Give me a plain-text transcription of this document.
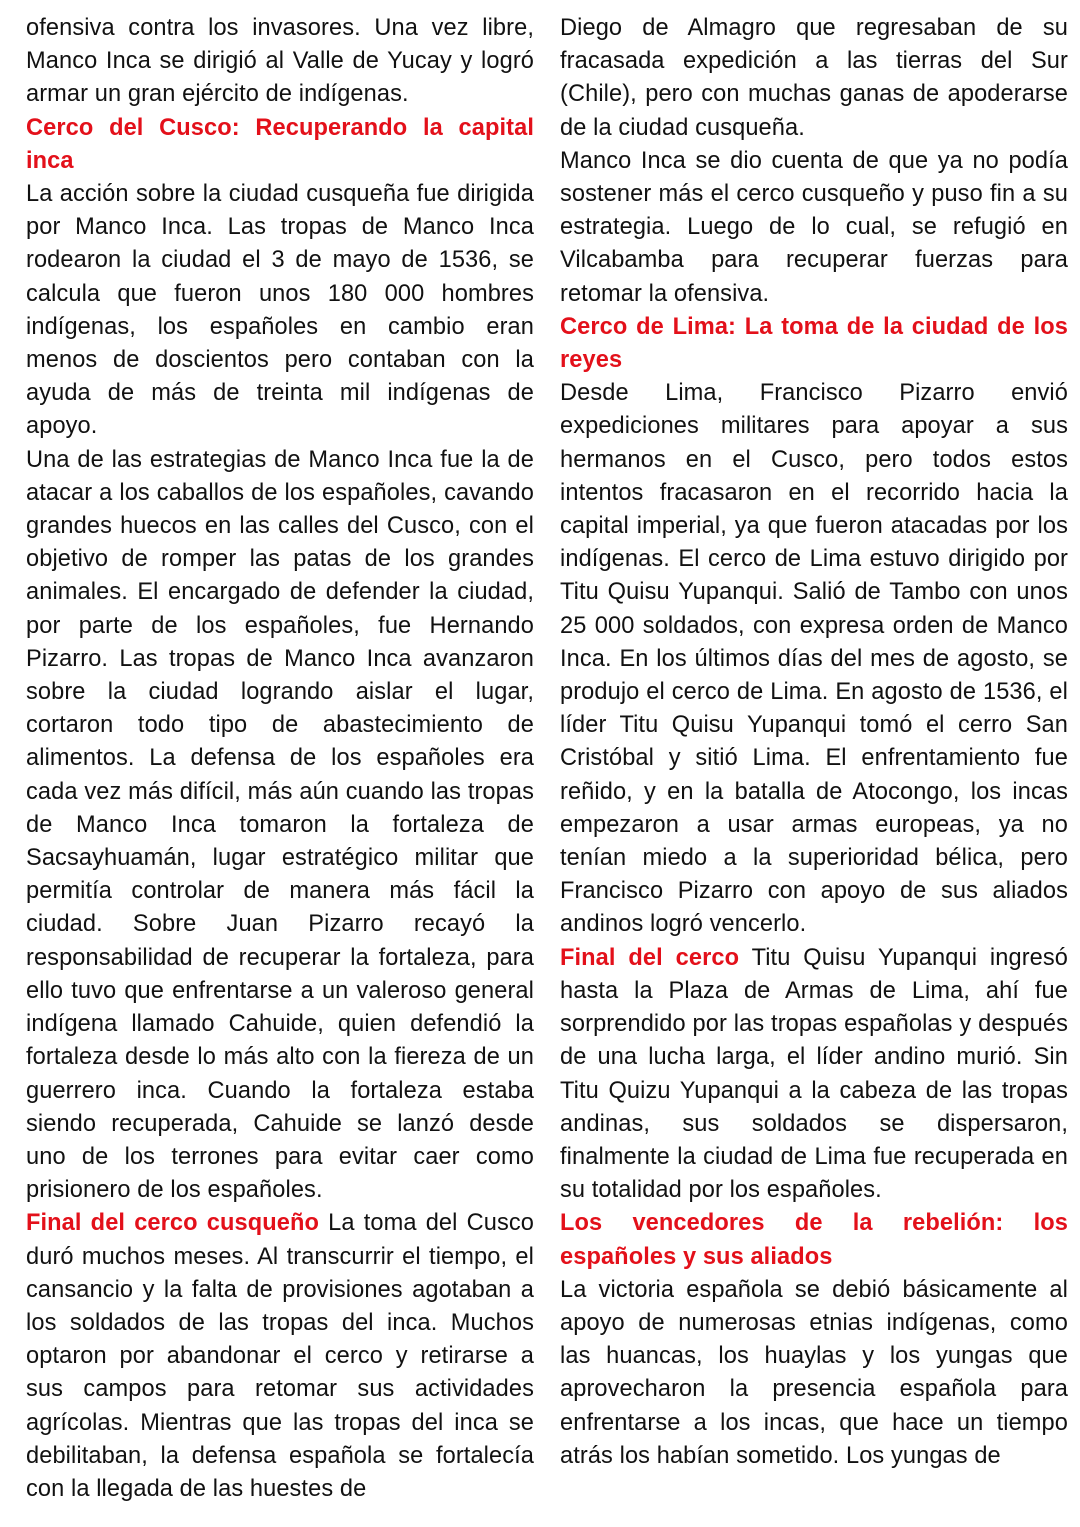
ofensiva contra los invasores. Una vez libre, Manco Inca se dirigió al Valle de Yucay y logró armar un gran ejército de indígenas.

Cerco del Cusco: Recuperando la capital inca

La acción sobre la ciudad cusqueña fue dirigida por Manco Inca. Las tropas de Manco Inca rodearon la ciudad el 3 de mayo de 1536, se calcula que fueron unos 180 000 hombres indígenas, los españoles en cambio eran menos de doscientos pero contaban con la ayuda de más de treinta mil indígenas de apoyo.

Una de las estrategias de Manco Inca fue la de atacar a los caballos de los españoles, cavando grandes huecos en las calles del Cusco, con el objetivo de romper las patas de los grandes animales. El encargado de defender la ciudad, por parte de los españoles, fue Hernando Pizarro. Las tropas de Manco Inca avanzaron sobre la ciudad logrando aislar el lugar, cortaron todo tipo de abastecimiento de alimentos. La defensa de los españoles era cada vez más difícil, más aún cuando las tropas de Manco Inca tomaron la fortaleza de Sacsayhuamán, lugar estratégico militar que permitía controlar de manera más fácil la ciudad. Sobre Juan Pizarro recayó la responsabilidad de recuperar la fortaleza, para ello tuvo que enfrentarse a un valeroso general indígena llamado Cahuide, quien defendió la fortaleza desde lo más alto con la fiereza de un guerrero inca. Cuando la fortaleza estaba siendo recuperada, Cahuide se lanzó desde uno de los terrones para evitar caer como prisionero de los españoles.

Final del cerco cusqueño La toma del Cusco duró muchos meses. Al transcurrir el tiempo, el cansancio y la falta de provisiones agotaban a los soldados de las tropas del inca. Muchos optaron por abandonar el cerco y retirarse a sus campos para retomar sus actividades agrícolas. Mientras que las tropas del inca se debilitaban, la defensa española se fortalecía con la llegada de las huestes de

Diego de Almagro que regresaban de su fracasada expedición a las tierras del Sur (Chile), pero con muchas ganas de apoderarse de la ciudad cusqueña.

Manco Inca se dio cuenta de que ya no podía sostener más el cerco cusqueño y puso fin a su estrategia. Luego de lo cual, se refugió en Vilcabamba para recuperar fuerzas para retomar la ofensiva.

Cerco de Lima: La toma de la ciudad de los reyes

Desde Lima, Francisco Pizarro envió expediciones militares para apoyar a sus hermanos en el Cusco, pero todos estos intentos fracasaron en el recorrido hacia la capital imperial, ya que fueron atacadas por los indígenas. El cerco de Lima estuvo dirigido por Titu Quisu Yupanqui. Salió de Tambo con unos 25 000 soldados, con expresa orden de Manco Inca. En los últimos días del mes de agosto, se produjo el cerco de Lima. En agosto de 1536, el líder Titu Quisu Yupanqui tomó el cerro San Cristóbal y sitió Lima. El enfrentamiento fue reñido, y en la batalla de Atocongo, los incas empezaron a usar armas europeas, ya no tenían miedo a la superioridad bélica, pero Francisco Pizarro con apoyo de sus aliados andinos logró vencerlo.

Final del cerco Titu Quisu Yupanqui ingresó hasta la Plaza de Armas de Lima, ahí fue sorprendido por las tropas españolas y después de una lucha larga, el líder andino murió. Sin Titu Quizu Yupanqui a la cabeza de las tropas andinas, sus soldados se dispersaron, finalmente la ciudad de Lima fue recuperada en su totalidad por los españoles.

Los vencedores de la rebelión: los españoles y sus aliados

La victoria española se debió básicamente al apoyo de numerosas etnias indígenas, como las huancas, los huaylas y los yungas que aprovecharon la presencia española para enfrentarse a los incas, que hace un tiempo atrás los habían sometido. Los yungas de
